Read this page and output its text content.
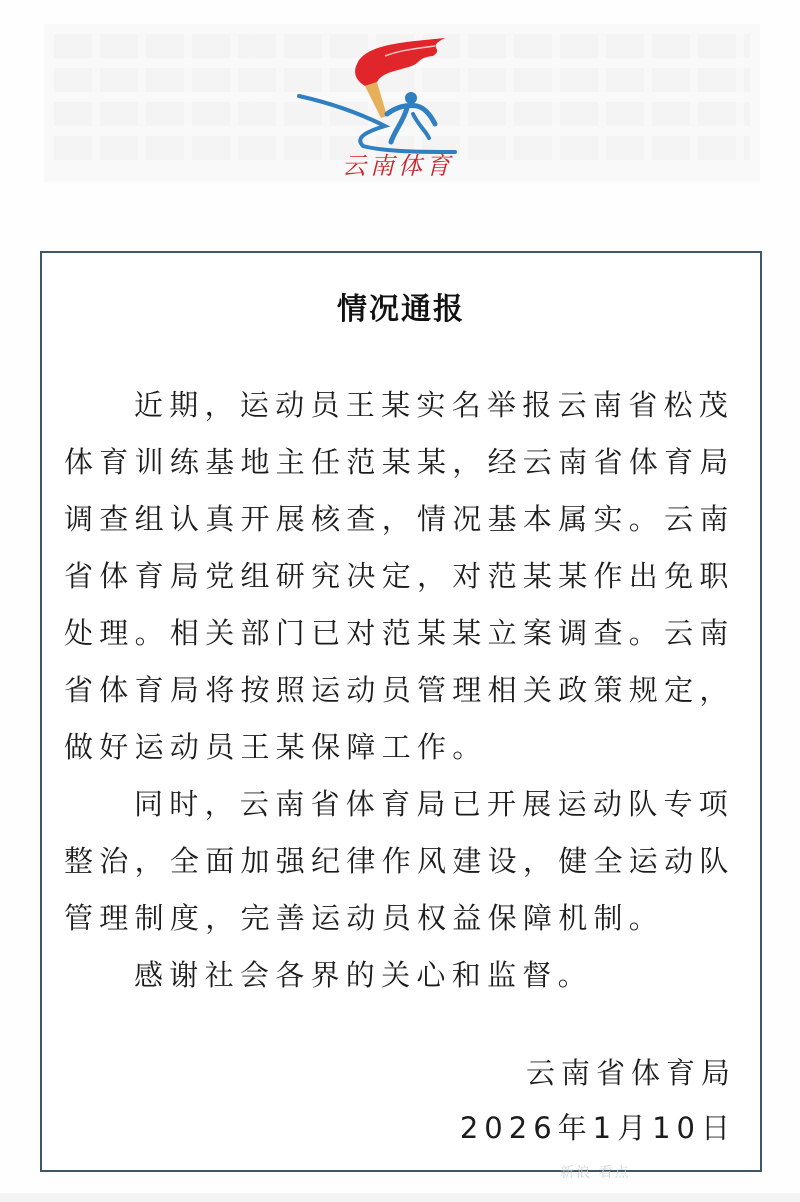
云南体育
情况通报
近期，运动员王某实名举报云南省松茂
体育训练基地主任范某某，经云南省体育局
调查组认真开展核查，情况基本属实。云南
省体育局党组研究决定，对范某某作出免职
处理。相关部门已对范某某立案调查。云南
省体育局将按照运动员管理相关政策规定，
做好运动员王某保障工作。
同时，云南省体育局已开展运动队专项
整治，全面加强纪律作风建设，健全运动队
管理制度，完善运动员权益保障机制。
感谢社会各界的关心和监督。
云南省体育局
2026年1月10日
新浪 看点
